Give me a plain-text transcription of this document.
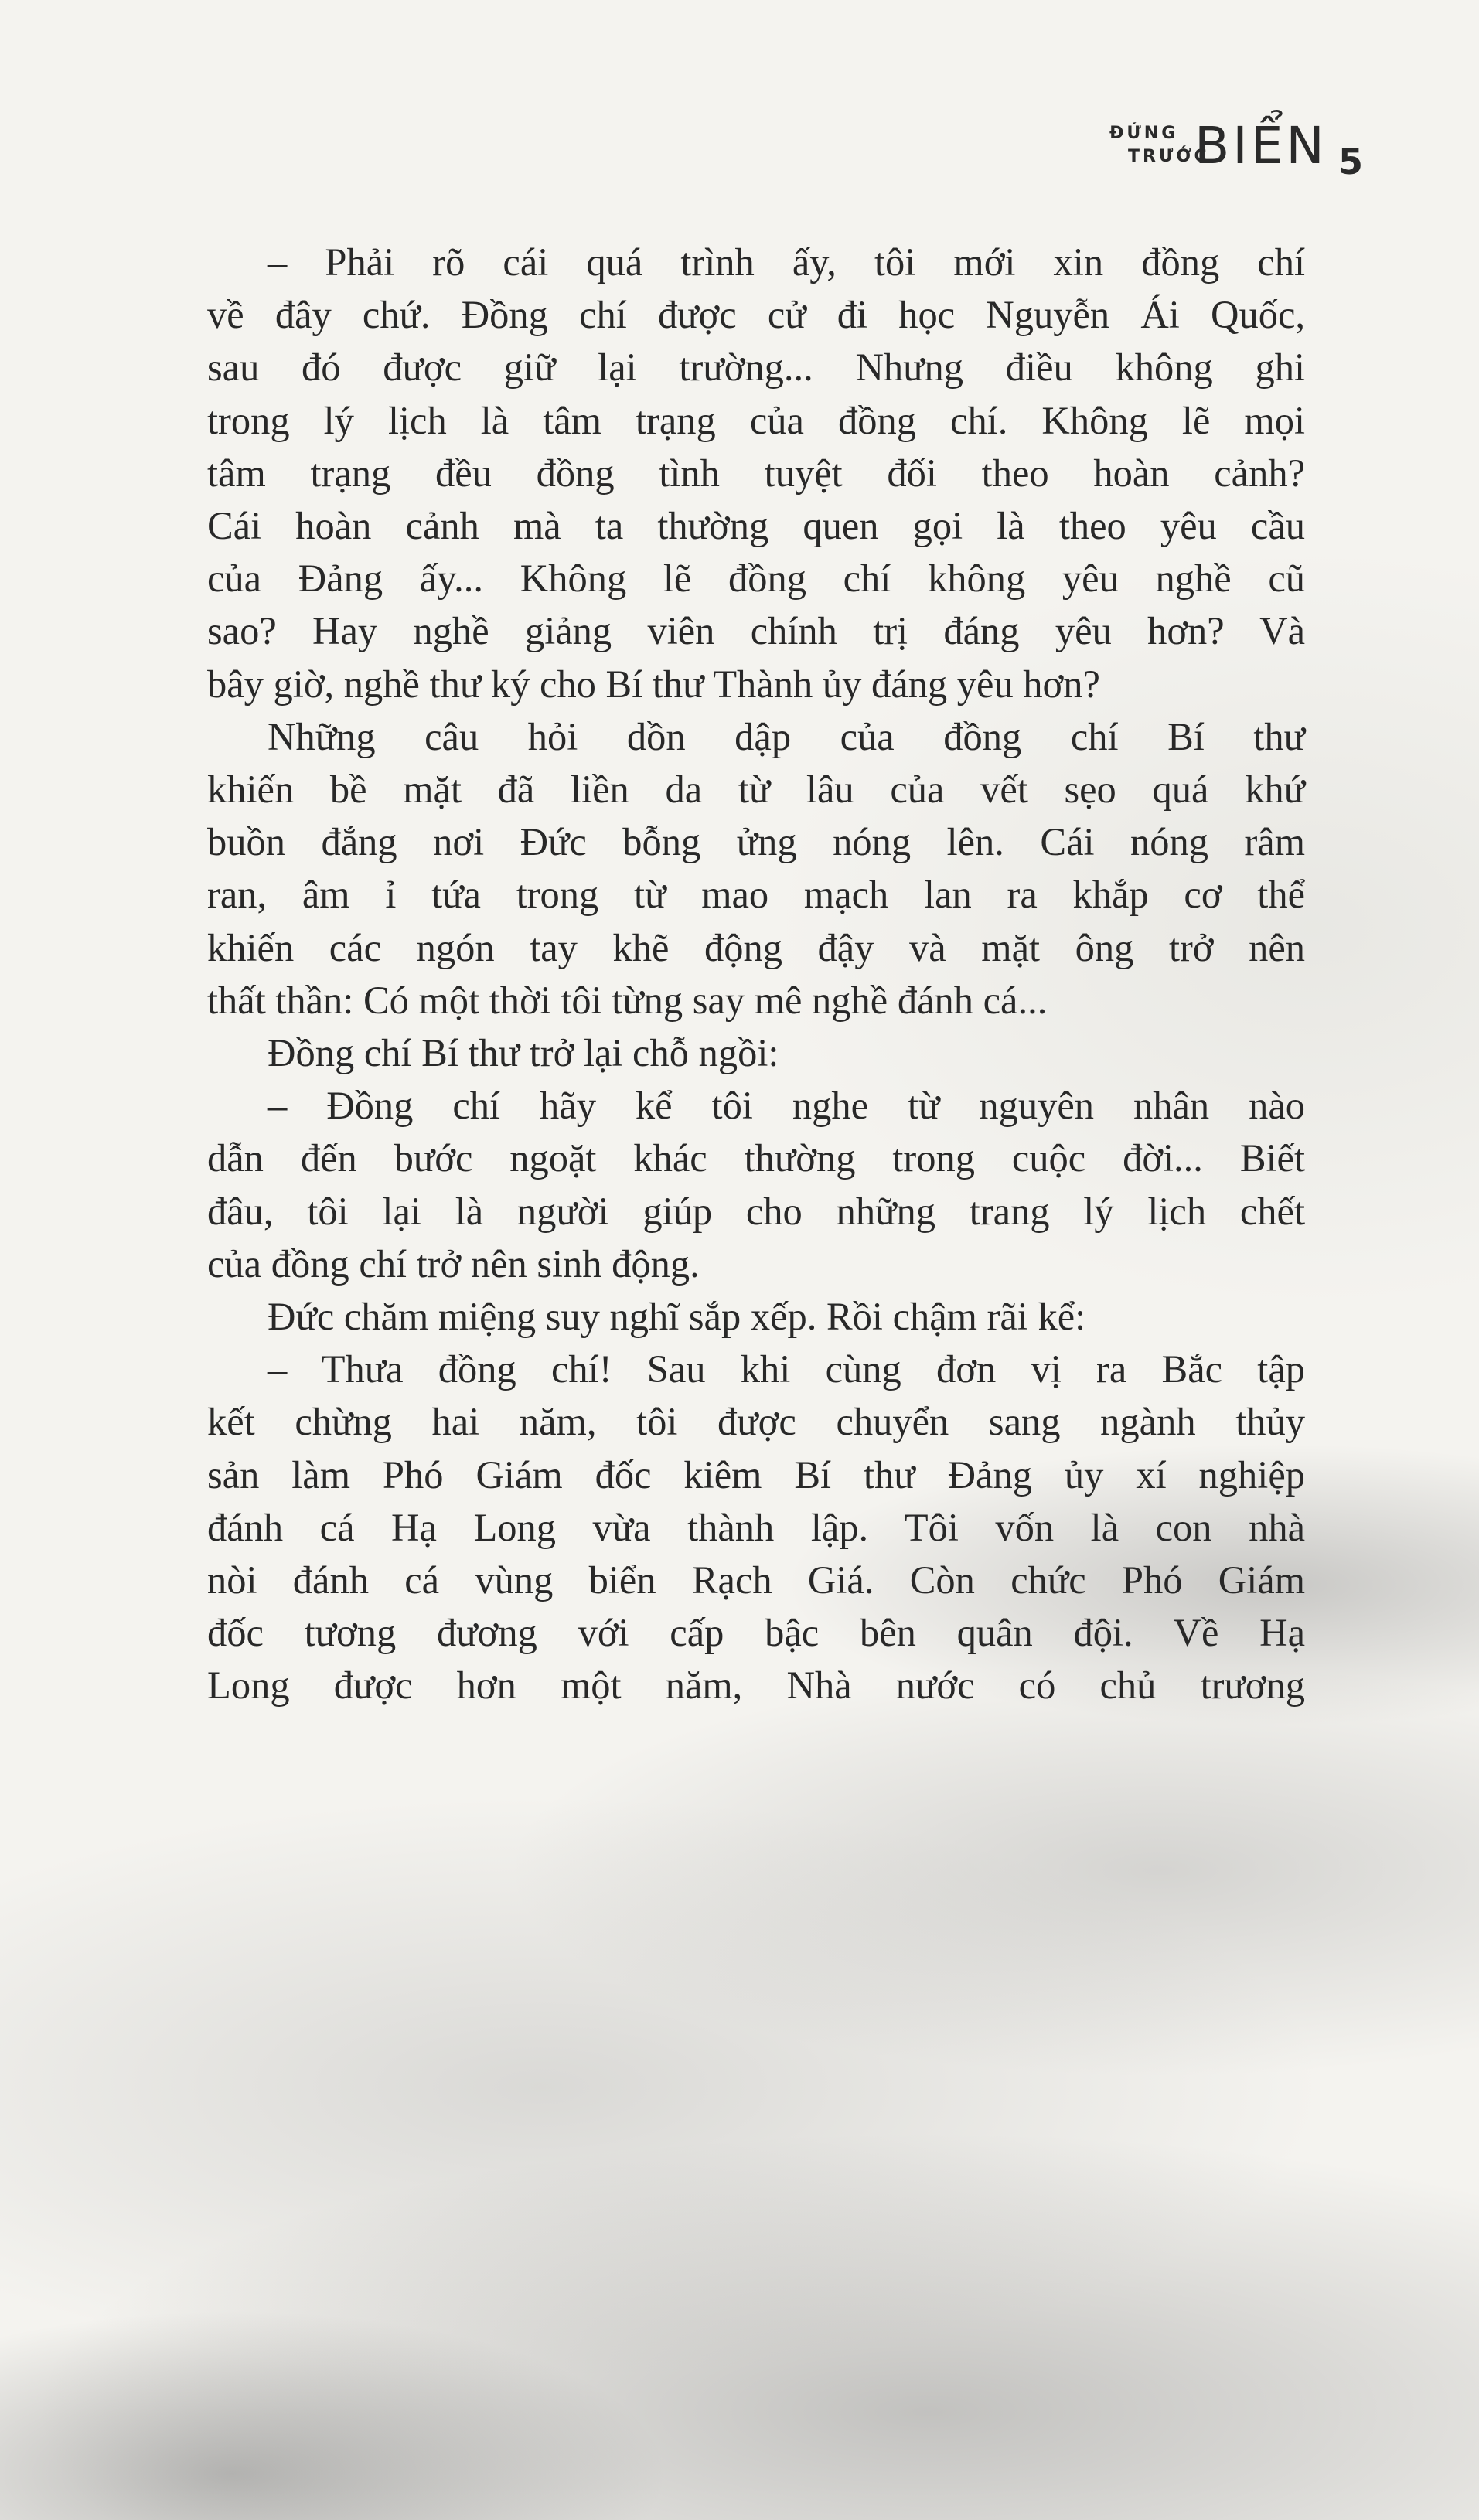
ĐỨNG
TRƯỚC
BIỂN 5

– Phải rõ cái quá trình ấy, tôi mới xin đồng chí
về đây chứ. Đồng chí được cử đi học Nguyễn Ái Quốc,
sau đó được giữ lại trường... Nhưng điều không ghi
trong lý lịch là tâm trạng của đồng chí. Không lẽ mọi
tâm trạng đều đồng tình tuyệt đối theo hoàn cảnh?
Cái hoàn cảnh mà ta thường quen gọi là theo yêu cầu
của Đảng ấy... Không lẽ đồng chí không yêu nghề cũ
sao? Hay nghề giảng viên chính trị đáng yêu hơn? Và
bây giờ, nghề thư ký cho Bí thư Thành ủy đáng yêu hơn?

Những câu hỏi dồn dập của đồng chí Bí thư
khiến bề mặt đã liền da từ lâu của vết sẹo quá khứ
buồn đắng nơi Đức bỗng ửng nóng lên. Cái nóng râm
ran, âm ỉ tứa trong từ mao mạch lan ra khắp cơ thể
khiến các ngón tay khẽ động đậy và mặt ông trở nên
thất thần: Có một thời tôi từng say mê nghề đánh cá...

Đồng chí Bí thư trở lại chỗ ngồi:

– Đồng chí hãy kể tôi nghe từ nguyên nhân nào
dẫn đến bước ngoặt khác thường trong cuộc đời... Biết
đâu, tôi lại là người giúp cho những trang lý lịch chết
của đồng chí trở nên sinh động.

Đức chăm miệng suy nghĩ sắp xếp. Rồi chậm rãi kể:

– Thưa đồng chí! Sau khi cùng đơn vị ra Bắc tập
kết chừng hai năm, tôi được chuyển sang ngành thủy
sản làm Phó Giám đốc kiêm Bí thư Đảng ủy xí nghiệp
đánh cá Hạ Long vừa thành lập. Tôi vốn là con nhà
nòi đánh cá vùng biển Rạch Giá. Còn chức Phó Giám
đốc tương đương với cấp bậc bên quân đội. Về Hạ
Long được hơn một năm, Nhà nước có chủ trương
